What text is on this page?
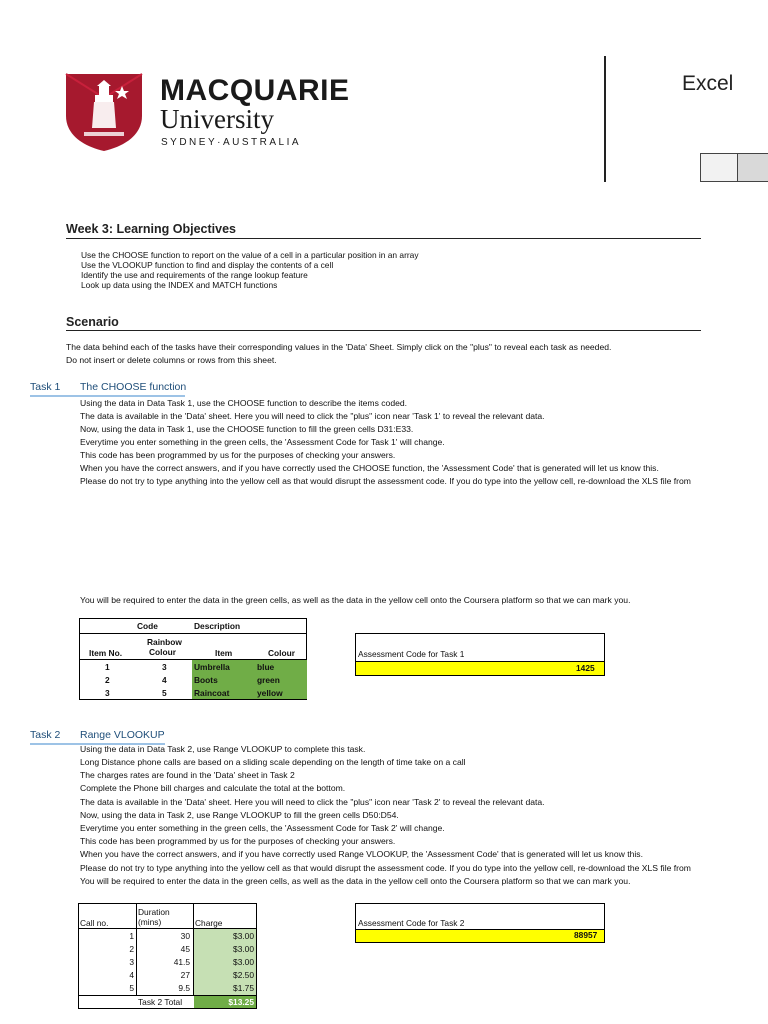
MACQUARIE
University
SYDNEY·AUSTRALIA
Excel
Week 3: Learning Objectives
Use the CHOOSE function to report on the value of a cell in a particular position in an array
Use the VLOOKUP function to find and display the contents of a cell
Identify the use and requirements of the range lookup feature
Look up data using the INDEX and MATCH functions
Scenario
The data behind each of the tasks have their corresponding values in the 'Data' Sheet. Simply click on the "plus" to reveal each task as needed.
Do not insert or delete columns or rows from this sheet.
Task 1 The CHOOSE function
Using the data in Data Task 1, use the CHOOSE function to describe the items coded.
The data is available in the 'Data' sheet. Here you will need to click the "plus" icon near 'Task 1' to reveal the relevant data.
Now, using the data in Task 1, use the CHOOSE function to fill the green cells D31:E33.
Everytime you enter something in the green cells, the 'Assessment Code for Task 1' will change.
This code has been programmed by us for the purposes of checking your answers.
When you have the correct answers, and if you have correctly used the CHOOSE function, the 'Assessment Code' that is generated will let us know this.
Please do not try to type anything into the yellow cell as that would disrupt the assessment code. If you do type into the yellow cell, re-download the XLS file from
You will be required to enter the data in the green cells, as well as the data in the yellow cell onto the Coursera platform so that we can mark you.
Code	Description
Rainbow
Item No.	Colour	Item	Colour
1	3	Umbrella	blue
2	4	Boots	green
3	5	Raincoat	yellow
Assessment Code for Task 1
1425
Task 2 Range VLOOKUP
Using the data in Data Task 2, use Range VLOOKUP to complete this task.
Long Distance phone calls are based on a sliding scale depending on the length of time take on a call
The charges rates are found in the 'Data' sheet in Task 2
Complete the Phone bill charges and calculate the total at the bottom.
The data is available in the 'Data' sheet. Here you will need to click the "plus" icon near 'Task 2' to reveal the relevant data.
Now, using the data in Task 2, use Range VLOOKUP to fill the green cells D50:D54.
Everytime you enter something in the green cells, the 'Assessment Code for Task 2' will change.
This code has been programmed by us for the purposes of checking your answers.
When you have the correct answers, and if you have correctly used Range VLOOKUP, the 'Assessment Code' that is generated will let us know this.
Please do not try to type anything into the yellow cell as that would disrupt the assessment code. If you do type into the yellow cell, re-download the XLS file from
You will be required to enter the data in the green cells, as well as the data in the yellow cell onto the Coursera platform so that we can mark you.
Duration
(mins)
Call no.	Charge
1	30	$3.00
2	45	$3.00
3	41.5	$3.00
4	27	$2.50
5	9.5	$1.75
Task 2 Total	$13.25
Assessment Code for Task 2
88957
